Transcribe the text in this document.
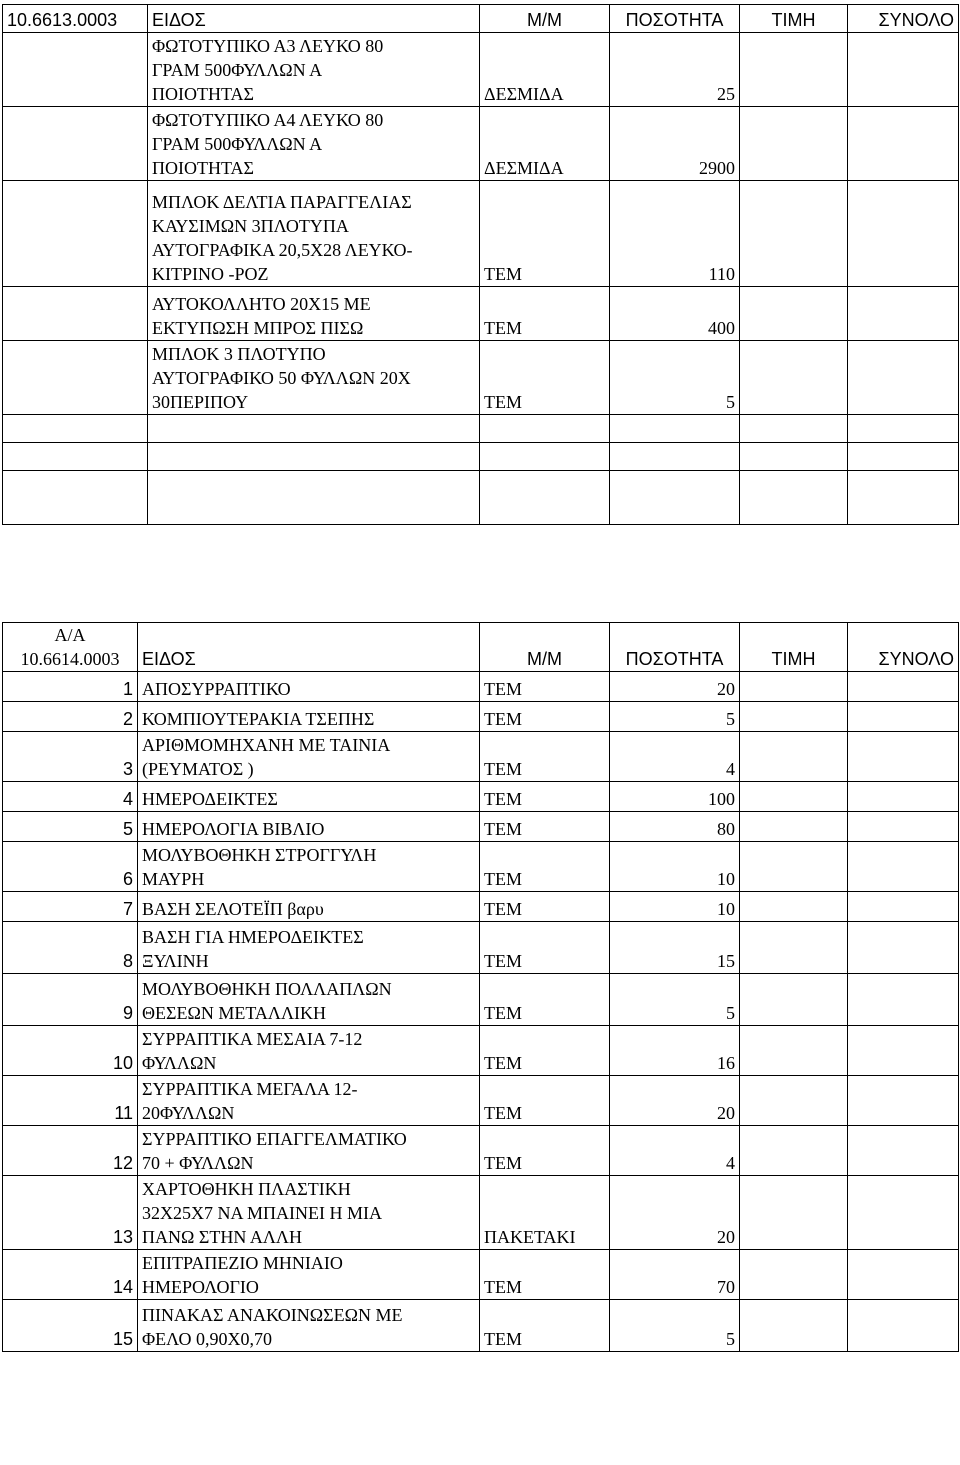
10.6613.0003	ΕΙΔΟΣ	Μ/Μ	ΠΟΣΟΤΗΤΑ	ΤΙΜΗ	ΣΥΝΟΛΟ
	ΦΩΤΟΤΥΠΙΚΟ Α3 ΛΕΥΚΟ 80
ΓΡΑΜ 500ΦΥΛΛΩΝ Α
ΠΟΙΟΤΗΤΑΣ	ΔΕΣΜΙΔΑ	25		
	ΦΩΤΟΤΥΠΙΚΟ Α4 ΛΕΥΚΟ 80
ΓΡΑΜ 500ΦΥΛΛΩΝ Α
ΠΟΙΟΤΗΤΑΣ	ΔΕΣΜΙΔΑ	2900		
	ΜΠΛΟΚ ΔΕΛΤΙΑ ΠΑΡΑΓΓΕΛΙΑΣ
ΚΑΥΣΙΜΩΝ 3ΠΛΟΤΥΠΑ
ΑΥΤΟΓΡΑΦΙΚΑ 20,5Χ28 ΛΕΥΚΟ-
ΚΙΤΡΙΝΟ -ΡΟΖ	ΤΕΜ	110		
	ΑΥΤΟΚΟΛΛΗΤΟ 20Χ15 ΜΕ
ΕΚΤΥΠΩΣΗ ΜΠΡΟΣ ΠΙΣΩ	ΤΕΜ	400		
	ΜΠΛΟΚ 3 ΠΛΟΤΥΠΟ
ΑΥΤΟΓΡΑΦΙΚΟ 50 ΦΥΛΛΩΝ 20Χ
30ΠΕΡΙΠΟΥ	ΤΕΜ	5		

Α/Α
10.6614.0003	ΕΙΔΟΣ	Μ/Μ	ΠΟΣΟΤΗΤΑ	ΤΙΜΗ	ΣΥΝΟΛΟ
1	ΑΠΟΣΥΡΡΑΠΤΙΚΟ	ΤΕΜ	20		
2	ΚΟΜΠΙΟΥΤΕΡΑΚΙΑ ΤΣΕΠΗΣ	ΤΕΜ	5		
3	ΑΡΙΘΜΟΜΗΧΑΝΗ ΜΕ ΤΑΙΝΙΑ
(ΡΕΥΜΑΤΟΣ )	ΤΕΜ	4		
4	ΗΜΕΡΟΔΕΙΚΤΕΣ	ΤΕΜ	100		
5	ΗΜΕΡΟΛΟΓΙΑ ΒΙΒΛΙΟ	ΤΕΜ	80		
6	ΜΟΛΥΒΟΘΗΚΗ ΣΤΡΟΓΓΥΛΗ
ΜΑΥΡΗ	ΤΕΜ	10		
7	ΒΑΣΗ ΣΕΛΟΤΕΪΠ βαρυ	ΤΕΜ	10		
8	ΒΑΣΗ ΓΙΑ ΗΜΕΡΟΔΕΙΚΤΕΣ
ΞΥΛΙΝΗ	ΤΕΜ	15		
9	ΜΟΛΥΒΟΘΗΚΗ ΠΟΛΛΑΠΛΩΝ
ΘΕΣΕΩΝ ΜΕΤΑΛΛΙΚΗ	ΤΕΜ	5		
10	ΣΥΡΡΑΠΤΙΚΑ ΜΕΣΑΙΑ 7-12
ΦΥΛΛΩΝ	ΤΕΜ	16		
11	ΣΥΡΡΑΠΤΙΚΑ ΜΕΓΑΛΑ 12-
20ΦΥΛΛΩΝ	ΤΕΜ	20		
12	ΣΥΡΡΑΠΤΙΚΟ ΕΠΑΓΓΕΛΜΑΤΙΚΟ
70 + ΦΥΛΛΩΝ	ΤΕΜ	4		
13	ΧΑΡΤΟΘΗΚΗ ΠΛΑΣΤΙΚΗ
32Χ25Χ7 ΝΑ ΜΠΑΙΝΕΙ Η ΜΙΑ
ΠΑΝΩ ΣΤΗΝ ΑΛΛΗ	ΠΑΚΕΤΑΚΙ	20		
14	ΕΠΙΤΡΑΠΕΖΙΟ ΜΗΝΙΑΙΟ
ΗΜΕΡΟΛΟΓΙΟ	ΤΕΜ	70		
15	ΠΙΝΑΚΑΣ ΑΝΑΚΟΙΝΩΣΕΩΝ ΜΕ
ΦΕΛΟ 0,90Χ0,70	ΤΕΜ	5		
